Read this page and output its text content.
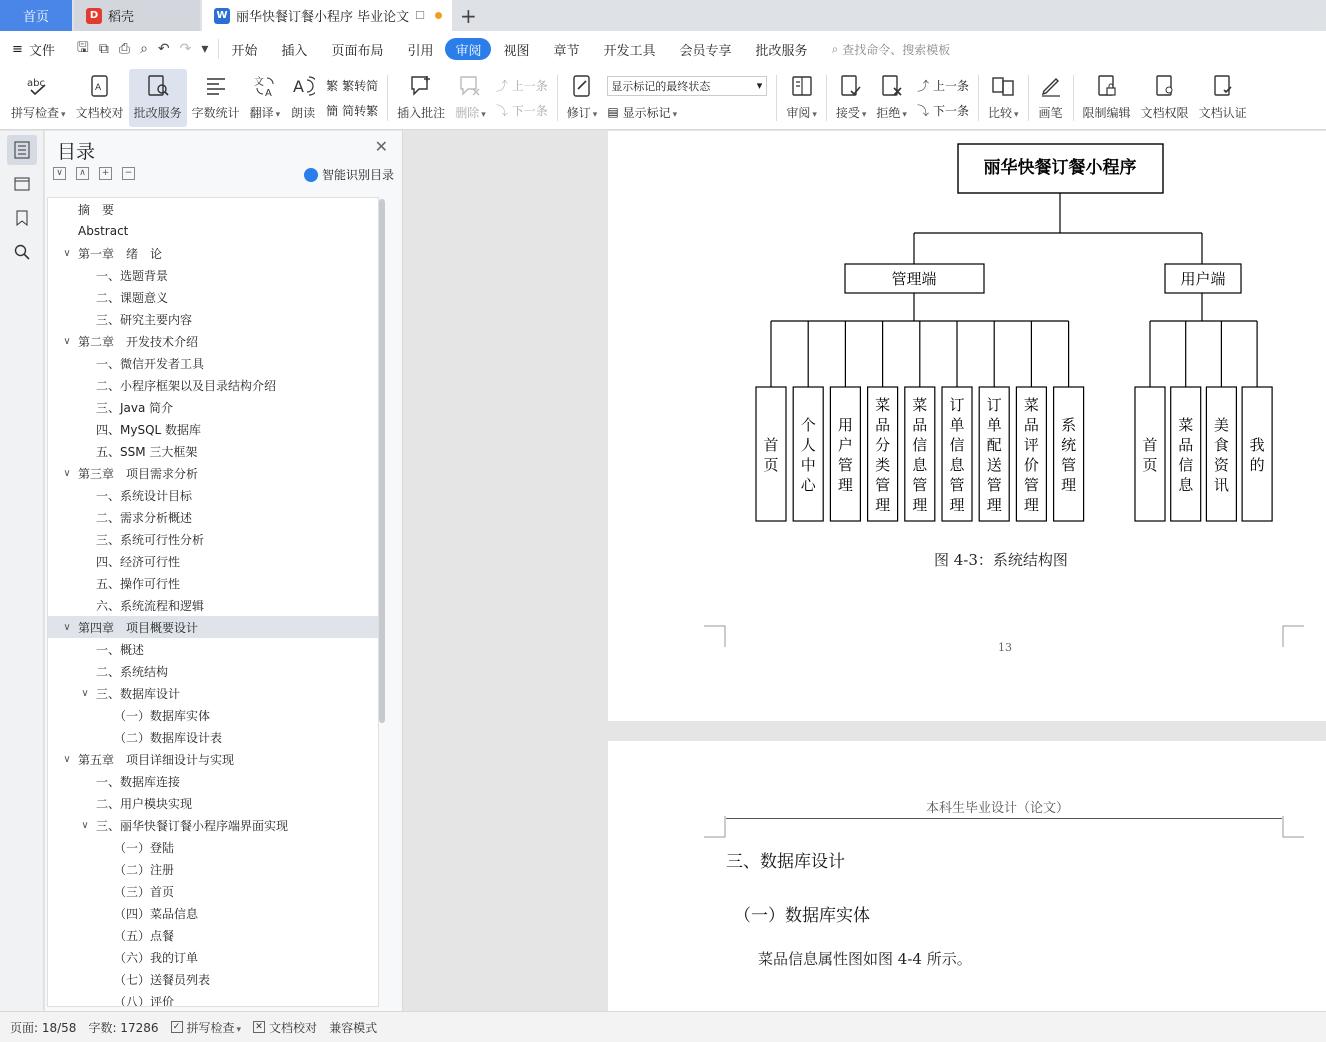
首页	D 稻壳	W 丽华快餐订餐小程序 毕业论文 ☐ +
≡ 文件 🖫 ⧉ ⎙ ⌕ ↶ ↷ ▾	开始	插入	页面布局	引用	审阅	视图	章节	开发工具	会员专享	批改服务	⌕ 查找命令、搜索模板
abc
拼写检查 ▾
A
文档校对 批改服务 字数统计
文
A
翻译 ▾
A
朗读
繁 繁转简
簡 简转繁 插入批注 删除 ▾
⤴ 上一条
⤵ 下一条 修订 ▾
显示标记的最终状态	▾
▤ 显示标记 ▾	审阅 ▾	接受 ▾	拒绝 ▾
⤴ 上一条
⤵ 下一条 比较 ▾	画笔 限制编辑 文档权限 文档认证
目录	✕
∨	∧	+	−	智能识别目录
摘　要
Abstract
∨ 第一章　绪　论
一、选题背景
二、课题意义
三、研究主要内容
∨ 第二章　开发技术介绍
一、微信开发者工具
二、小程序框架以及目录结构介绍
三、Java 简介
四、MySQL 数据库
五、SSM 三大框架
∨ 第三章　项目需求分析
一、系统设计目标
二、需求分析概述
三、系统可行性分析
四、经济可行性
五、操作可行性
六、系统流程和逻辑
∨ 第四章　项目概要设计
一、概述
二、系统结构
∨ 三、数据库设计
（一）数据库实体
（二）数据库设计表
∨ 第五章　项目详细设计与实现
一、数据库连接
二、用户模块实现
∨ 三、丽华快餐订餐小程序端界面实现
（一）登陆
（二）注册
（三）首页
（四）菜品信息
（五）点餐
（六）我的订单
（七）送餐员列表
（八）评价
丽华快餐订餐小程序
管理端	用户端
首
页
个
人
中
心
用
户
管
理
菜
品
分
类
管
理
菜
品
信
息
管
理
订
单
信
息
管
理
订
单
配
送
管
理
菜
品
评
价
管
理
系
统
管
理
首
页
菜
品
信
息
美
食
资
讯
我
的
图 4-3：系统结构图
13
本科生毕业设计（论文）
三、数据库设计
（一）数据库实体
菜品信息属性图如图 4-4 所示。
页面: 18/58 字数: 17286 ✓ 拼写检查 ▾	✕ 文档校对 兼容模式
